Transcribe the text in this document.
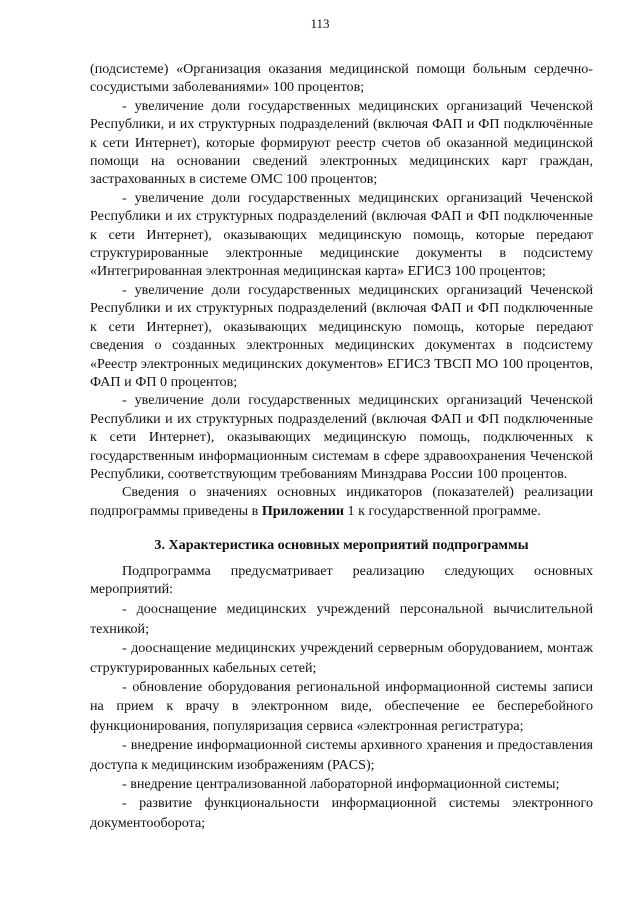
113

(подсистеме) «Организация оказания медицинской помощи больным сердечно-сосудистыми заболеваниями» 100 процентов;

- увеличение доли государственных медицинских организаций Чеченской Республики, и их структурных подразделений (включая ФАП и ФП подключённые к сети Интернет), которые формируют реестр счетов об оказанной медицинской помощи на основании сведений электронных медицинских карт граждан, застрахованных в системе ОМС 100 процентов;

- увеличение доли государственных медицинских организаций Чеченской Республики и их структурных подразделений (включая ФАП и ФП подключенные к сети Интернет), оказывающих медицинскую помощь, которые передают структурированные электронные медицинские документы в подсистему «Интегрированная электронная медицинская карта» ЕГИСЗ 100 процентов;

- увеличение доли государственных медицинских организаций Чеченской Республики и их структурных подразделений (включая ФАП и ФП подключенные к сети Интернет), оказывающих медицинскую помощь, которые передают сведения о созданных электронных медицинских документах в подсистему «Реестр электронных медицинских документов» ЕГИСЗ ТВСП МО 100 процентов, ФАП и ФП 0 процентов;

- увеличение доли государственных медицинских организаций Чеченской Республики и их структурных подразделений (включая ФАП и ФП подключенные к сети Интернет), оказывающих медицинскую помощь, подключенных к государственным информационным системам в сфере здравоохранения Чеченской Республики, соответствующим требованиям Минздрава России 100 процентов.

Сведения о значениях основных индикаторов (показателей) реализации подпрограммы приведены в Приложении 1 к государственной программе.

3. Характеристика основных мероприятий подпрограммы

Подпрограмма предусматривает реализацию следующих основных мероприятий:

- дооснащение медицинских учреждений персональной вычислительной техникой;

- дооснащение медицинских учреждений серверным оборудованием, монтаж структурированных кабельных сетей;

- обновление оборудования региональной информационной системы записи на прием к врачу в электронном виде, обеспечение ее бесперебойного функционирования, популяризация сервиса «электронная регистратура;

- внедрение информационной системы архивного хранения и предоставления доступа к медицинским изображениям (PACS);

- внедрение централизованной лабораторной информационной системы;

- развитие функциональности информационной системы электронного документооборота;
